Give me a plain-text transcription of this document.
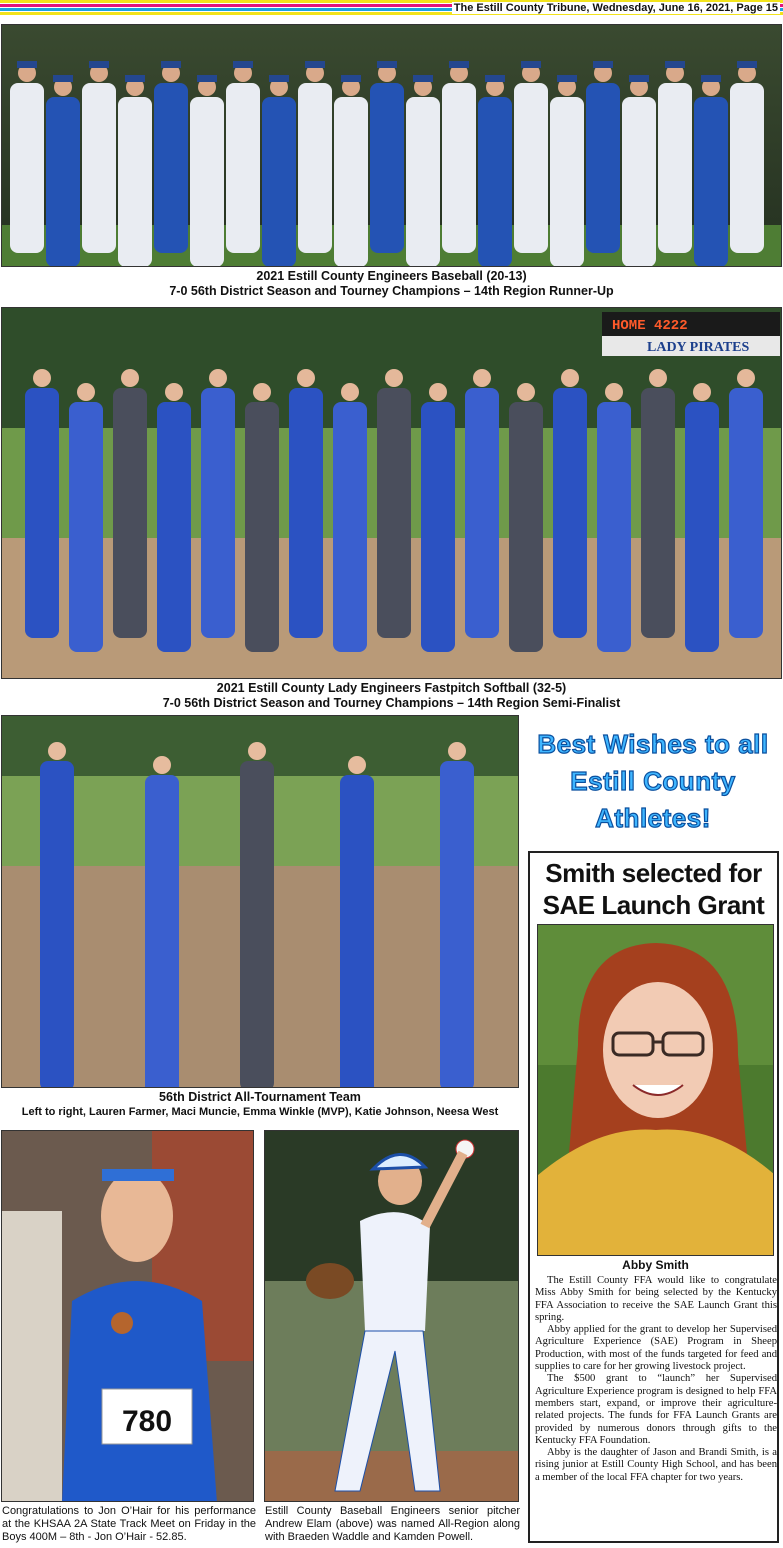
The Estill County Tribune, Wednesday, June 16, 2021, Page 15
2021 Estill County Engineers Baseball (20-13)
7-0 56th District Season and Tourney Champions – 14th Region Runner-Up
HOME 4222
LADY PIRATES
2021 Estill County Lady Engineers Fastpitch Softball (32-5)
7-0 56th District Season and Tourney Champions – 14th Region Semi-Finalist
56th District All-Tournament Team
Left to right, Lauren Farmer, Maci Muncie, Emma Winkle (MVP), Katie Johnson, Neesa West
Best Wishes to all Estill County Athletes!
Smith selected for
SAE Launch Grant
Abby Smith

The Estill County FFA would like to congratulate Miss Abby Smith for being selected by the Kentucky FFA Association to receive the SAE Launch Grant this spring.

Abby applied for the grant to develop her Supervised Agriculture Experience (SAE) Program in Sheep Production, with most of the funds targeted for feed and supplies to care for her growing livestock project.

The $500 grant to “launch” her Supervised Agriculture Experience program is designed to help FFA members start, expand, or improve their agriculture-related projects. The funds for FFA Launch Grants are provided by numerous donors through gifts to the Kentucky FFA Foundation.

Abby is the daughter of Jason and Brandi Smith, is a rising junior at Estill County High School, and has been a member of the local FFA chapter for two years.

780
Congratulations to Jon O’Hair for his performance at the KHSAA 2A State Track Meet on Friday in the Boys 400M – 8th - Jon O’Hair - 52.85.
Estill County Baseball Engineers senior pitcher Andrew Elam (above) was named All-Region along with Braeden Waddle and Kamden Powell.
